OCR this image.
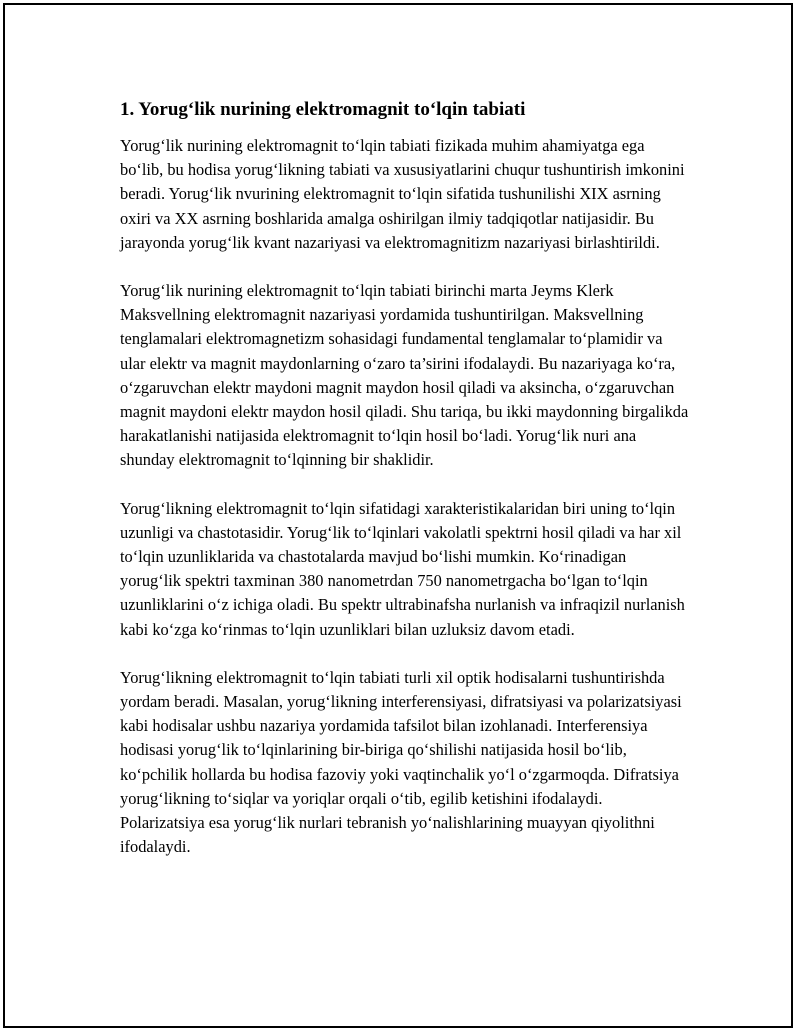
1. Yorug‘lik nurining elektromagnit to‘lqin tabiati

Yorug‘lik nurining elektromagnit to‘lqin tabiati fizikada muhim ahamiyatga ega bo‘lib, bu hodisa yorug‘likning tabiati va xususiyatlarini chuqur tushuntirish imkonini beradi. Yorug‘lik nvurining elektromagnit to‘lqin sifatida tushunilishi XIX asrning oxiri va XX asrning boshlarida amalga oshirilgan ilmiy tadqiqotlar natijasidir. Bu jarayonda yorug‘lik kvant nazariyasi va elektromagnitizm nazariyasi birlashtirildi.

Yorug‘lik nurining elektromagnit to‘lqin tabiati birinchi marta Jeyms Klerk Maksvellning elektromagnit nazariyasi yordamida tushuntirilgan. Maksvellning tenglamalari elektromagnetizm sohasidagi fundamental tenglamalar to‘plamidir va ular elektr va magnit maydonlarning o‘zaro ta’sirini ifodalaydi. Bu nazariyaga ko‘ra, o‘zgaruvchan elektr maydoni magnit maydon hosil qiladi va aksincha, o‘zgaruvchan magnit maydoni elektr maydon hosil qiladi. Shu tariqa, bu ikki maydonning birgalikda harakatlanishi natijasida elektromagnit to‘lqin hosil bo‘ladi. Yorug‘lik nuri ana shunday elektromagnit to‘lqinning bir shaklidir.

Yorug‘likning elektromagnit to‘lqin sifatidagi xarakteristikalaridan biri uning to‘lqin uzunligi va chastotasidir. Yorug‘lik to‘lqinlari vakolatli spektrni hosil qiladi va har xil to‘lqin uzunliklarida va chastotalarda mavjud bo‘lishi mumkin. Ko‘rinadigan yorug‘lik spektri taxminan 380 nanometrdan 750 nanometrgacha bo‘lgan to‘lqin uzunliklarini o‘z ichiga oladi. Bu spektr ultrabinafsha nurlanish va infraqizil nurlanish kabi ko‘zga ko‘rinmas to‘lqin uzunliklari bilan uzluksiz davom etadi.

Yorug‘likning elektromagnit to‘lqin tabiati turli xil optik hodisalarni tushuntirishda yordam beradi. Masalan, yorug‘likning interferensiyasi, difratsiyasi va polarizatsiyasi kabi hodisalar ushbu nazariya yordamida tafsilot bilan izohlanadi. Interferensiya hodisasi yorug‘lik to‘lqinlarining bir-biriga qo‘shilishi natijasida hosil bo‘lib, ko‘pchilik hollarda bu hodisa fazoviy yoki vaqtinchalik yo‘l o‘zgarmoqda. Difratsiya yorug‘likning to‘siqlar va yoriqlar orqali o‘tib, egilib ketishini ifodalaydi. Polarizatsiya esa yorug‘lik nurlari tebranish yo‘nalishlarining muayyan qiyolithni ifodalaydi.
